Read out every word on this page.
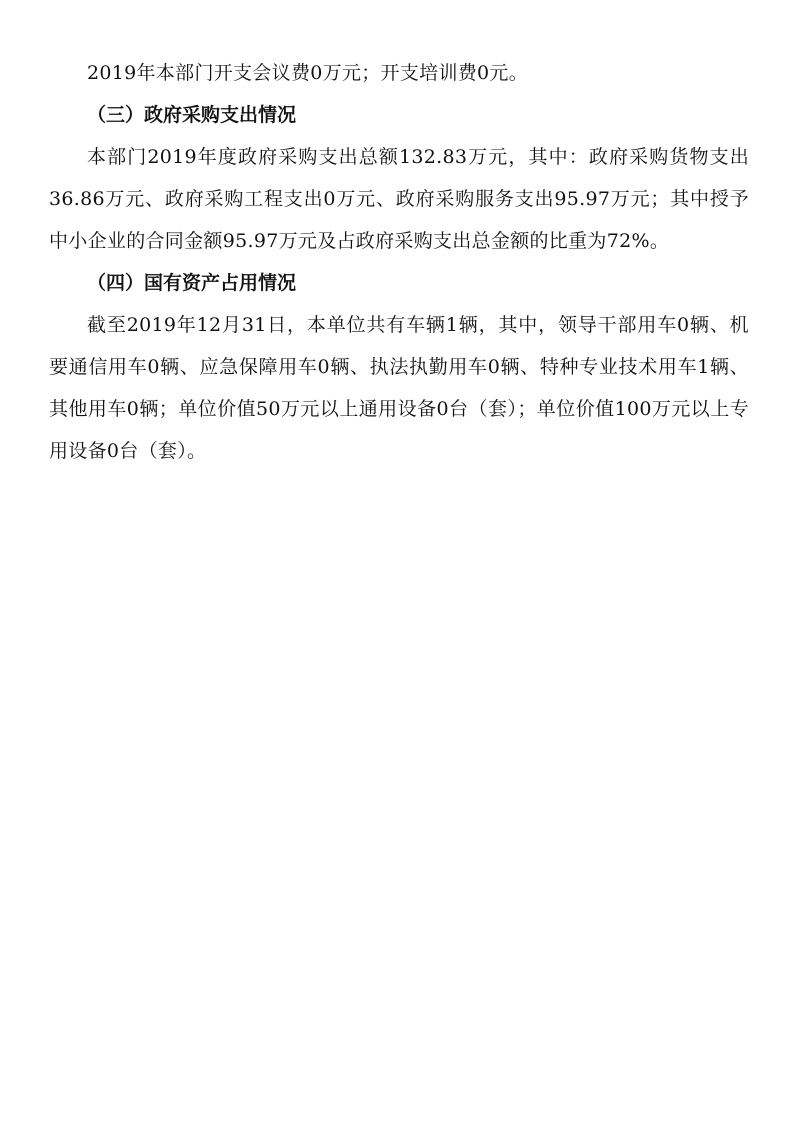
2019年本部门开支会议费0万元；开支培训费0元。

（三）政府采购支出情况

本部门2019年度政府采购支出总额132.83万元，其中：政府采购货物支出36.86万元、政府采购工程支出0万元、政府采购服务支出95.97万元；其中授予中小企业的合同金额95.97万元及占政府采购支出总金额的比重为72%。

（四）国有资产占用情况

截至2019年12月31日，本单位共有车辆1辆，其中，领导干部用车0辆、机要通信用车0辆、应急保障用车0辆、执法执勤用车0辆、特种专业技术用车1辆、其他用车0辆；单位价值50万元以上通用设备0台（套）；单位价值100万元以上专用设备0台（套）。
